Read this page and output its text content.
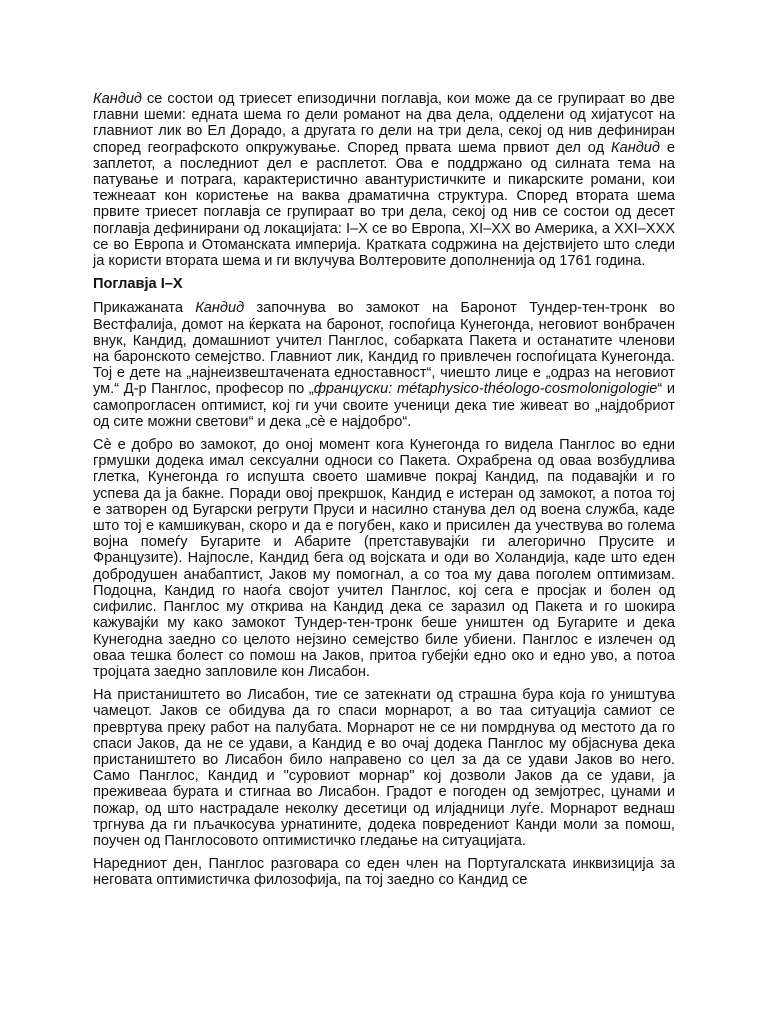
Кандид се состои од триесет епизодични поглавја, кои може да се групираат во две главни шеми: едната шема го дели романот на два дела, одделени од хијатусот на главниот лик во Ел Дорадо, а другата го дели на три дела, секој од нив дефиниран според географското опкружување. Според првата шема првиот дел од Кандид е заплетот, а последниот дел е расплетот. Ова е поддржано од силната тема на патување и потрага, карактеристично авантуристичките и пикарските романи, кои тежнеаат кон користење на ваква драматична структура. Според втората шема првите триесет поглавја се групираат во три дела, секој од нив се состои од десет поглавја дефинирани од локацијата: I–X се во Европа, XI–XX во Америка, а XXI–XXX се во Европа и Отоманската империја. Кратката содржина на дејствијето што следи ја користи втората шема и ги вклучува Волтеровите дополненија од 1761 година.

Поглавја I–X

Прикажаната Кандид започнува во замокот на Баронот Тундер-тен-тронк во Вестфалија, домот на ќерката на баронот, госпоѓица Кунегонда, неговиот вонбрачен внук, Кандид, домашниот учител Панглос, собарката Пакета и останатите членови на баронското семејство. Главниот лик, Кандид го привлечен госпоѓицата Кунегонда. Тој е дете на „најнеизвештачената едноставност“, чиешто лице е „одраз на неговиот ум.“ Д-р Панглос, професор по „француски: métaphysico-théologo-cosmolonigologie“ и самопрогласен оптимист, кој ги учи своите ученици дека тие живеат во „најдобриот од сите можни светови“ и дека „сè е најдобро“.

Сè е добро во замокот, до оној момент кога Кунегонда го видела Панглос во едни грмушки додека имал сексуални односи со Пакета. Охрабрена од оваа возбудлива глетка, Кунегонда го испушта своето шамивче покрај Кандид, па подавајќи и го успева да ја бакне. Поради овој прекршок, Кандид е истеран од замокот, а потоа тој е затворен од Бугарски регрути Пруси и насилно станува дел од воена служба, каде што тој е камшикуван, скоро и да е погубен, како и присилен да учествува во голема војна помеѓу Бугарите и Абарите (претставувајќи ги алегорично Прусите и Французите). Најпосле, Кандид бега од војската и оди во Холандија, каде што еден добродушен анабаптист, Јаков му помогнал, а со тоа му дава поголем оптимизам. Подоцна, Кандид го наоѓа својот учител Панглос, кој сега е просјак и болен од сифилис. Панглос му открива на Кандид дека се заразил од Пакета и го шокира кажувајќи му како замокот Тундер-тен-тронк беше уништен од Бугарите и дека Кунегодна заедно со целото нејзино семејство биле убиени. Панглос е излечен од оваа тешка болест со помош на Јаков, притоа губејќи едно око и едно уво, а потоа тројцата заедно запловиле кон Лисабон.

На пристаништето во Лисабон, тие се затекнати од страшна бура која го уништува чамецот. Јаков се обидува да го спаси морнарот, а во таа ситуација самиот се превртува преку работ на палубата. Морнарот не се ни помрднува од местото да го спаси Јаков, да не се удави, а Кандид е во очај додека Панглос му објаснува дека пристаништето во Лисабон било направено со цел за да се удави Јаков во него. Само Панглос, Кандид и "суровиот морнар" кој дозволи Јаков да се удави, ја преживеаа бурата и стигнаа во Лисабон. Градот е погоден од земјотрес, цунами и пожар, од што настрадале неколку десетици од илјадници луѓе. Морнарот веднаш тргнува да ги пљачкосува урнатините, додека повредениот Канди моли за помош, поучен од Панглосовото оптимистичко гледање на ситуацијата.

Наредниот ден, Панглос разговара со еден член на Португалската инквизиција за неговата оптимистичка филозофија, па тој заедно со Кандид се
